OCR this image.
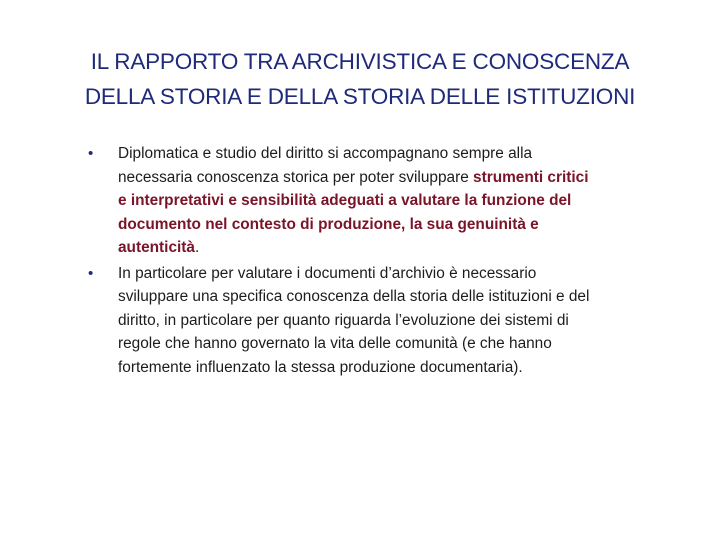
IL RAPPORTO TRA ARCHIVISTICA E CONOSCENZA
DELLA STORIA E DELLA STORIA DELLE ISTITUZIONI
•	Diplomatica e studio del diritto si accompagnano sempre alla
necessaria conoscenza storica per poter sviluppare strumenti critici
e interpretativi e sensibilità adeguati a valutare la funzione del
documento nel contesto di produzione, la sua genuinità e
autenticità.
•	In particolare per valutare i documenti d’archivio è necessario
sviluppare una specifica conoscenza della storia delle istituzioni e del
diritto, in particolare per quanto riguarda l’evoluzione dei sistemi di
regole che hanno governato la vita delle comunità (e che hanno
fortemente influenzato la stessa produzione documentaria).
